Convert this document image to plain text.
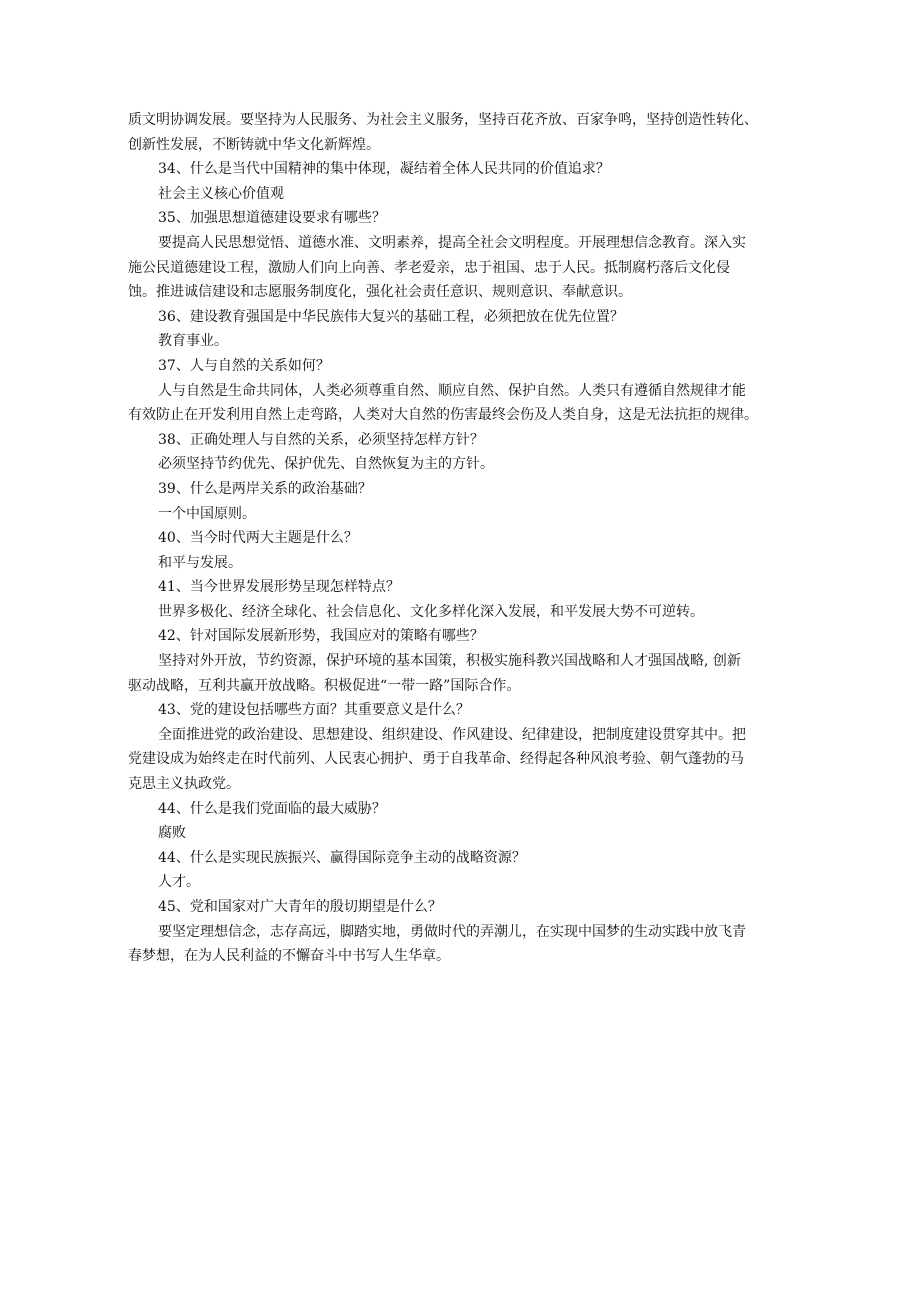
质文明协调发展。要坚持为人民服务、为社会主义服务，坚持百花齐放、百家争鸣，坚持创造性转化、

创新性发展，不断铸就中华文化新辉煌。

34、什么是当代中国精神的集中体现，凝结着全体人民共同的价值追求？

社会主义核心价值观

35、加强思想道德建设要求有哪些？

要提高人民思想觉悟、道德水准、文明素养，提高全社会文明程度。开展理想信念教育。深入实

施公民道德建设工程，激励人们向上向善、孝老爱亲，忠于祖国、忠于人民。抵制腐朽落后文化侵

蚀。推进诚信建设和志愿服务制度化，强化社会责任意识、规则意识、奉献意识。

36、建设教育强国是中华民族伟大复兴的基础工程，必须把放在优先位置？

教育事业。

37、人与自然的关系如何？

人与自然是生命共同体，人类必须尊重自然、顺应自然、保护自然。人类只有遵循自然规律才能

有效防止在开发利用自然上走弯路，人类对大自然的伤害最终会伤及人类自身，这是无法抗拒的规律。

38、正确处理人与自然的关系，必须坚持怎样方针？

必须坚持节约优先、保护优先、自然恢复为主的方针。

39、什么是两岸关系的政治基础？

一个中国原则。

40、当今时代两大主题是什么？

和平与发展。

41、当今世界发展形势呈现怎样特点？

世界多极化、经济全球化、社会信息化、文化多样化深入发展，和平发展大势不可逆转。

42、针对国际发展新形势，我国应对的策略有哪些？

坚持对外开放，节约资源，保护环境的基本国策，积极实施科教兴国战略和人才强国战略, 创新

驱动战略，互利共赢开放战略。积极促进“一带一路”国际合作。

43、党的建设包括哪些方面？其重要意义是什么？

全面推进党的政治建设、思想建设、组织建设、作风建设、纪律建设，把制度建设贯穿其中。把

党建设成为始终走在时代前列、人民衷心拥护、勇于自我革命、经得起各种风浪考验、朝气蓬勃的马

克思主义执政党。

44、什么是我们党面临的最大威胁？

腐败

44、什么是实现民族振兴、赢得国际竞争主动的战略资源？

人才。

45、党和国家对广大青年的殷切期望是什么？

要坚定理想信念，志存高远，脚踏实地，勇做时代的弄潮儿，在实现中国梦的生动实践中放飞青

春梦想，在为人民利益的不懈奋斗中书写人生华章。
